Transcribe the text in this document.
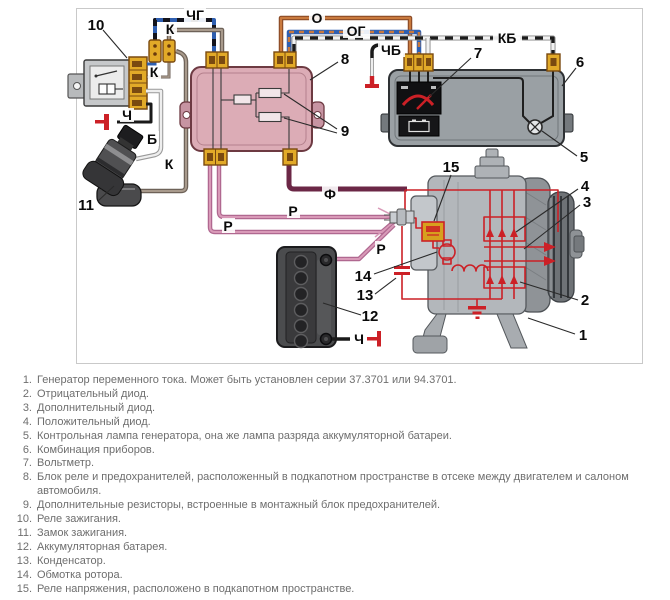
ЧГ
К
К
Ч
Б
К
О
ОГ	КБ
ЧБ
Ф
Р
Р
Р
Ч
10
11
8
9
7
6
5
15
4
3
2
1
14
13
12
1. Генератор переменного тока. Может быть установлен серии 37.3701 или 94.3701.
2. Отрицательный диод.
3. Дополнительный диод.
4. Положительный диод.
5. Контрольная лампа генератора, она же лампа разряда аккумуляторной батареи.
6. Комбинация приборов.
7. Вольтметр.
8. Блок реле и предохранителей, расположенный в подкапотном пространстве в отсеке между двигателем и салоном автомобиля.
9. Дополнительные резисторы, встроенные в монтажный блок предохранителей.
10. Реле зажигания.
11. Замок зажигания.
12. Аккумуляторная батарея.
13. Конденсатор.
14. Обмотка ротора.
15. Реле напряжения, расположено в подкапотном пространстве.
